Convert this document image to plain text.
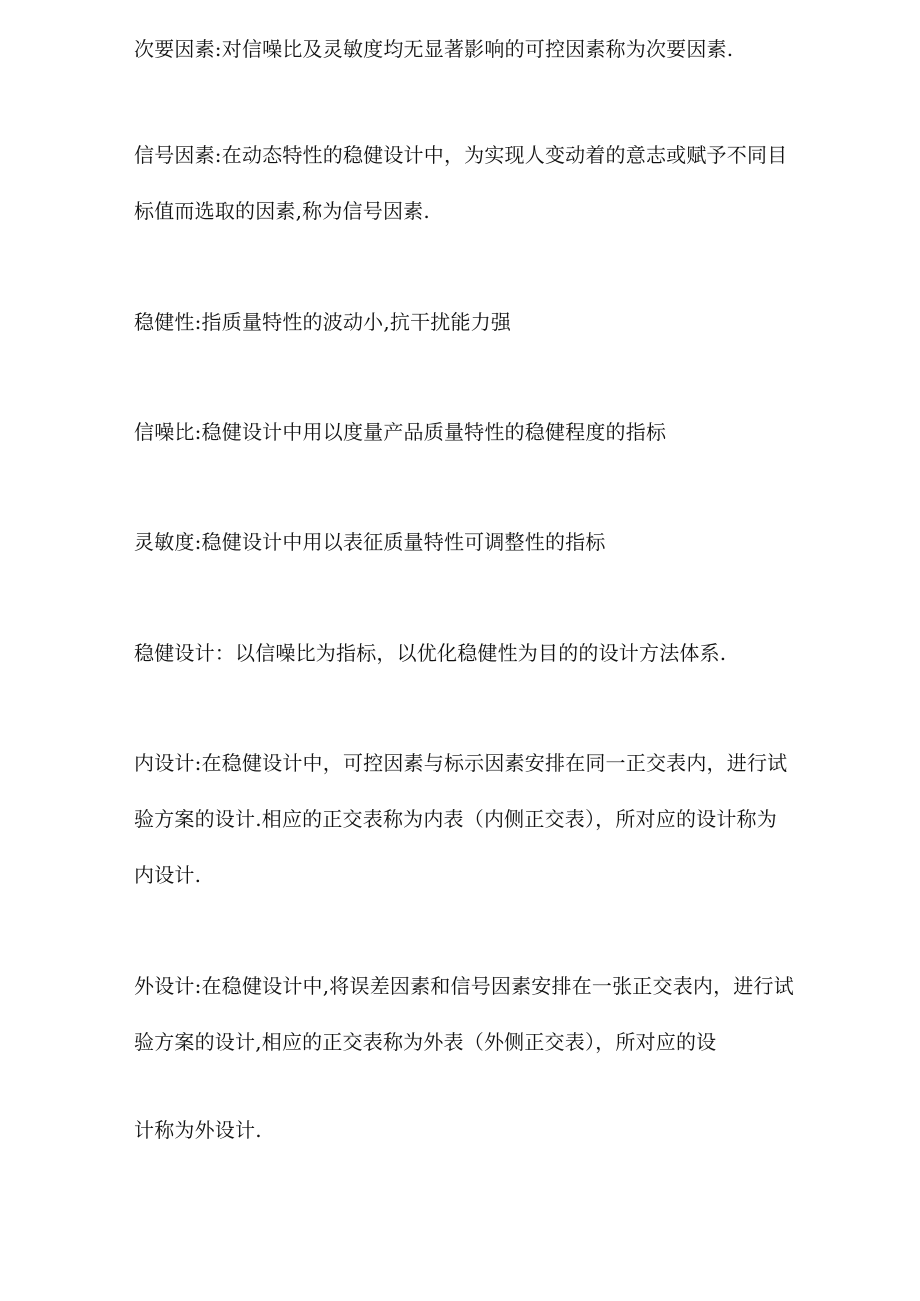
次要因素:对信噪比及灵敏度均无显著影响的可控因素称为次要因素.
信号因素:在动态特性的稳健设计中，为实现人变动着的意志或赋予不同目
标值而选取的因素,称为信号因素.
稳健性:指质量特性的波动小,抗干扰能力强
信噪比:稳健设计中用以度量产品质量特性的稳健程度的指标
灵敏度:稳健设计中用以表征质量特性可调整性的指标
稳健设计：以信噪比为指标，以优化稳健性为目的的设计方法体系.
内设计:在稳健设计中，可控因素与标示因素安排在同一正交表内，进行试
验方案的设计.相应的正交表称为内表（内侧正交表），所对应的设计称为
内设计.
外设计:在稳健设计中,将误差因素和信号因素安排在一张正交表内，进行试
验方案的设计,相应的正交表称为外表（外侧正交表），所对应的设
计称为外设计.
